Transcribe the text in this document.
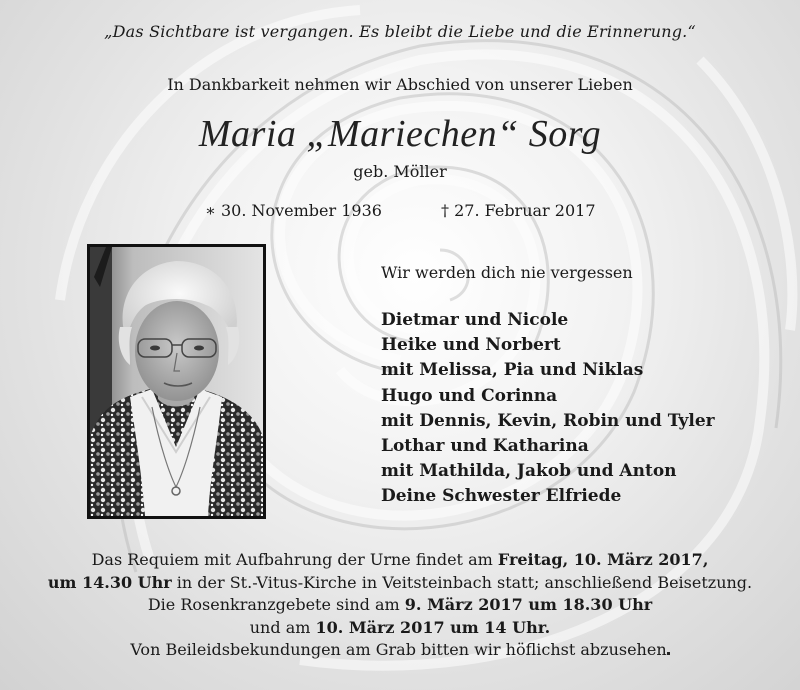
„Das Sichtbare ist vergangen. Es bleibt die Liebe und die Erinnerung.“
In Dankbarkeit nehmen wir Abschied von unserer Lieben
Maria „Mariechen“ Sorg
geb. Möller
∗ 30. November 1936	† 27. Februar 2017
Wir werden dich nie vergessen
Dietmar und Nicole
Heike und Norbert
mit Melissa, Pia und Niklas
Hugo und Corinna
mit Dennis, Kevin, Robin und Tyler
Lothar und Katharina
mit Mathilda, Jakob und Anton
Deine Schwester Elfriede
Das Requiem mit Aufbahrung der Urne findet am Freitag, 10. März 2017,
um 14.30 Uhr in der St.-Vitus-Kirche in Veitsteinbach statt; anschließend Beisetzung.
Die Rosenkranzgebete sind am 9. März 2017 um 18.30 Uhr
und am 10. März 2017 um 14 Uhr.
Von Beileidsbekundungen am Grab bitten wir höflichst abzusehen
